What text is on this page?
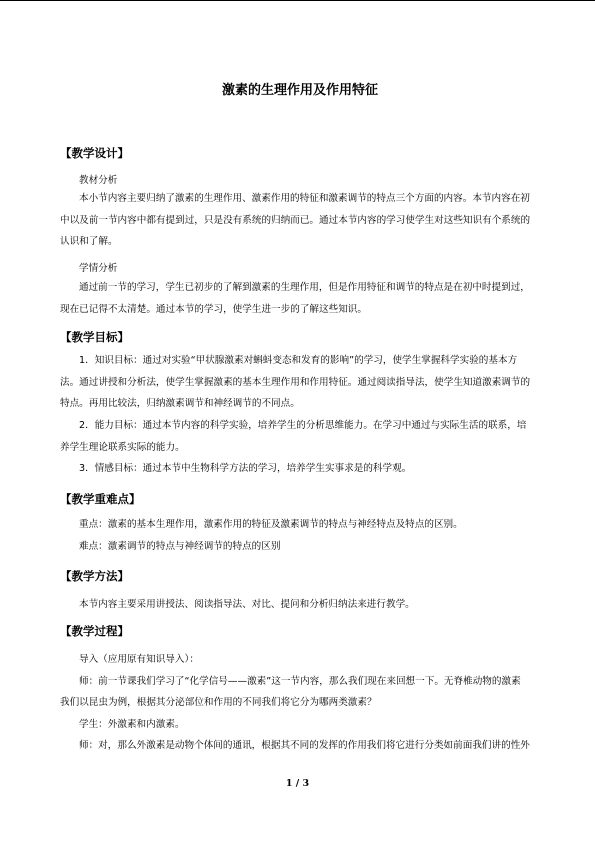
激素的生理作用及作用特征
【教学设计】
教材分析
本小节内容主要归纳了激素的生理作用、激素作用的特征和激素调节的特点三个方面的内容。本节内容在初
中以及前一节内容中都有提到过，只是没有系统的归纳而已。通过本节内容的学习使学生对这些知识有个系统的
认识和了解。
学情分析
通过前一节的学习，学生已初步的了解到激素的生理作用，但是作用特征和调节的特点是在初中时提到过，
现在已记得不太清楚。通过本节的学习，使学生进一步的了解这些知识。
【教学目标】
1．知识目标：通过对实验“甲状腺激素对蝌蚪变态和发育的影响”的学习，使学生掌握科学实验的基本方
法。通过讲授和分析法，使学生掌握激素的基本生理作用和作用特征。通过阅读指导法，使学生知道激素调节的
特点。再用比较法，归纳激素调节和神经调节的不同点。
2．能力目标：通过本节内容的科学实验，培养学生的分析思维能力。在学习中通过与实际生活的联系，培
养学生理论联系实际的能力。
3．情感目标：通过本节中生物科学方法的学习，培养学生实事求是的科学观。
【教学重难点】
重点：激素的基本生理作用，激素作用的特征及激素调节的特点与神经特点及特点的区别。
难点：激素调节的特点与神经调节的特点的区别
【教学方法】
本节内容主要采用讲授法、阅读指导法、对比、提问和分析归纳法来进行教学。
【教学过程】
导入（应用原有知识导入）：
师：前一节课我们学习了“化学信号——激素”这一节内容，那么我们现在来回想一下。无脊椎动物的激素
我们以昆虫为例，根据其分泌部位和作用的不同我们将它分为哪两类激素？
学生：外激素和内激素。
师：对，那么外激素是动物个体间的通讯，根据其不同的发挥的作用我们将它进行分类如前面我们讲的性外
1 / 3
